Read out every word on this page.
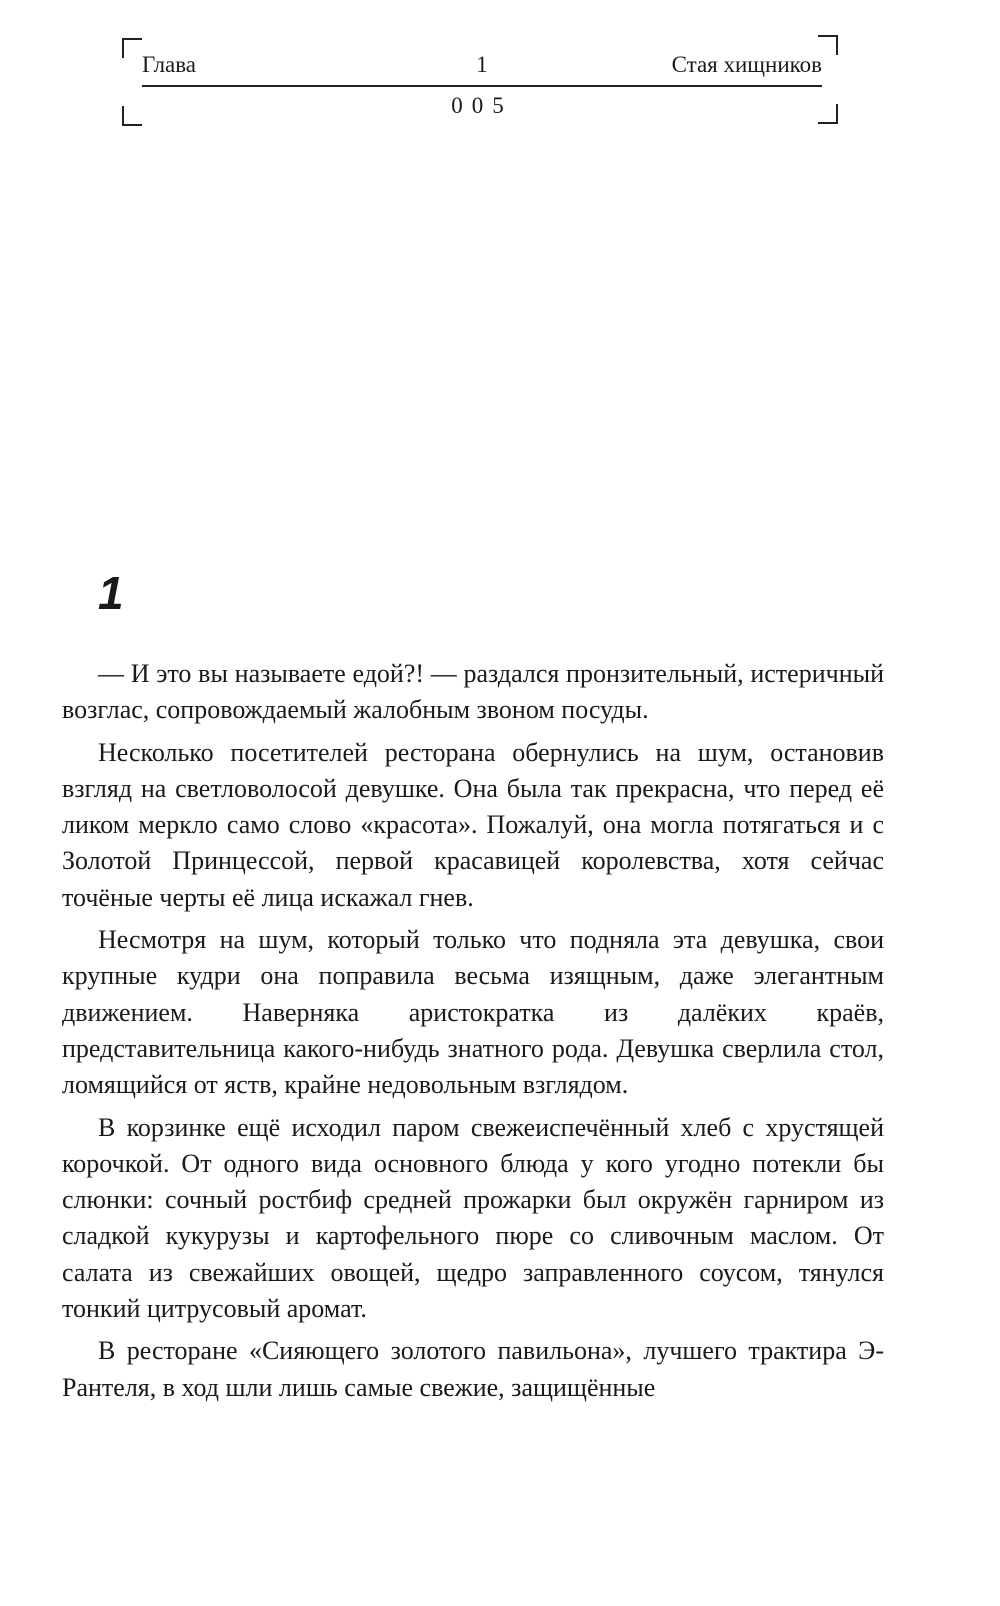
Глава	1	Стая хищников
005
1

— И это вы называете едой?! — раздался пронзительный, истеричный возглас, сопровождаемый жалобным звоном посуды.

Несколько посетителей ресторана обернулись на шум, остановив взгляд на светловолосой девушке. Она была так прекрасна, что перед её ликом меркло само слово «красота». Пожалуй, она могла потягаться и с Золотой Принцессой, первой красавицей королевства, хотя сейчас точёные черты её лица искажал гнев.

Несмотря на шум, который только что подняла эта девушка, свои крупные кудри она поправила весьма изящным, даже элегантным движением. Наверняка аристократка из далёких краёв, представительница какого-нибудь знатного рода. Девушка сверлила стол, ломящийся от яств, крайне недовольным взглядом.

В корзинке ещё исходил паром свежеиспечённый хлеб с хрустящей корочкой. От одного вида основного блюда у кого угодно потекли бы слюнки: сочный ростбиф средней прожарки был окружён гарниром из сладкой кукурузы и картофельного пюре со сливочным маслом. От салата из свежайших овощей, щедро заправленного соусом, тянулся тонкий цитрусовый аромат.

В ресторане «Сияющего золотого павильона», лучшего трактира Э-Рантеля, в ход шли лишь самые свежие, защищённые
